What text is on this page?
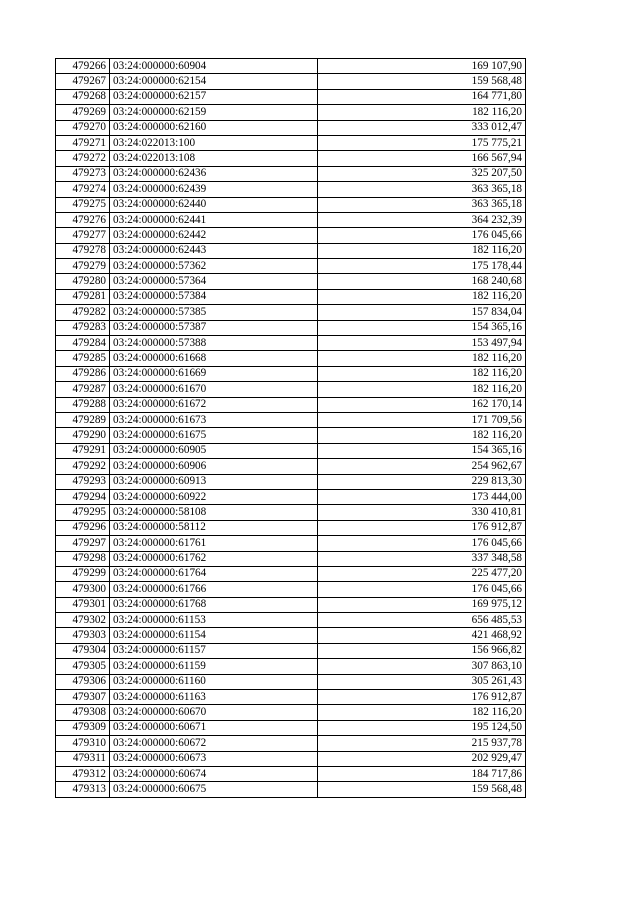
479266	03:24:000000:60904	169 107,90
479267	03:24:000000:62154	159 568,48
479268	03:24:000000:62157	164 771,80
479269	03:24:000000:62159	182 116,20
479270	03:24:000000:62160	333 012,47
479271	03:24:022013:100	175 775,21
479272	03:24:022013:108	166 567,94
479273	03:24:000000:62436	325 207,50
479274	03:24:000000:62439	363 365,18
479275	03:24:000000:62440	363 365,18
479276	03:24:000000:62441	364 232,39
479277	03:24:000000:62442	176 045,66
479278	03:24:000000:62443	182 116,20
479279	03:24:000000:57362	175 178,44
479280	03:24:000000:57364	168 240,68
479281	03:24:000000:57384	182 116,20
479282	03:24:000000:57385	157 834,04
479283	03:24:000000:57387	154 365,16
479284	03:24:000000:57388	153 497,94
479285	03:24:000000:61668	182 116,20
479286	03:24:000000:61669	182 116,20
479287	03:24:000000:61670	182 116,20
479288	03:24:000000:61672	162 170,14
479289	03:24:000000:61673	171 709,56
479290	03:24:000000:61675	182 116,20
479291	03:24:000000:60905	154 365,16
479292	03:24:000000:60906	254 962,67
479293	03:24:000000:60913	229 813,30
479294	03:24:000000:60922	173 444,00
479295	03:24:000000:58108	330 410,81
479296	03:24:000000:58112	176 912,87
479297	03:24:000000:61761	176 045,66
479298	03:24:000000:61762	337 348,58
479299	03:24:000000:61764	225 477,20
479300	03:24:000000:61766	176 045,66
479301	03:24:000000:61768	169 975,12
479302	03:24:000000:61153	656 485,53
479303	03:24:000000:61154	421 468,92
479304	03:24:000000:61157	156 966,82
479305	03:24:000000:61159	307 863,10
479306	03:24:000000:61160	305 261,43
479307	03:24:000000:61163	176 912,87
479308	03:24:000000:60670	182 116,20
479309	03:24:000000:60671	195 124,50
479310	03:24:000000:60672	215 937,78
479311	03:24:000000:60673	202 929,47
479312	03:24:000000:60674	184 717,86
479313	03:24:000000:60675	159 568,48
